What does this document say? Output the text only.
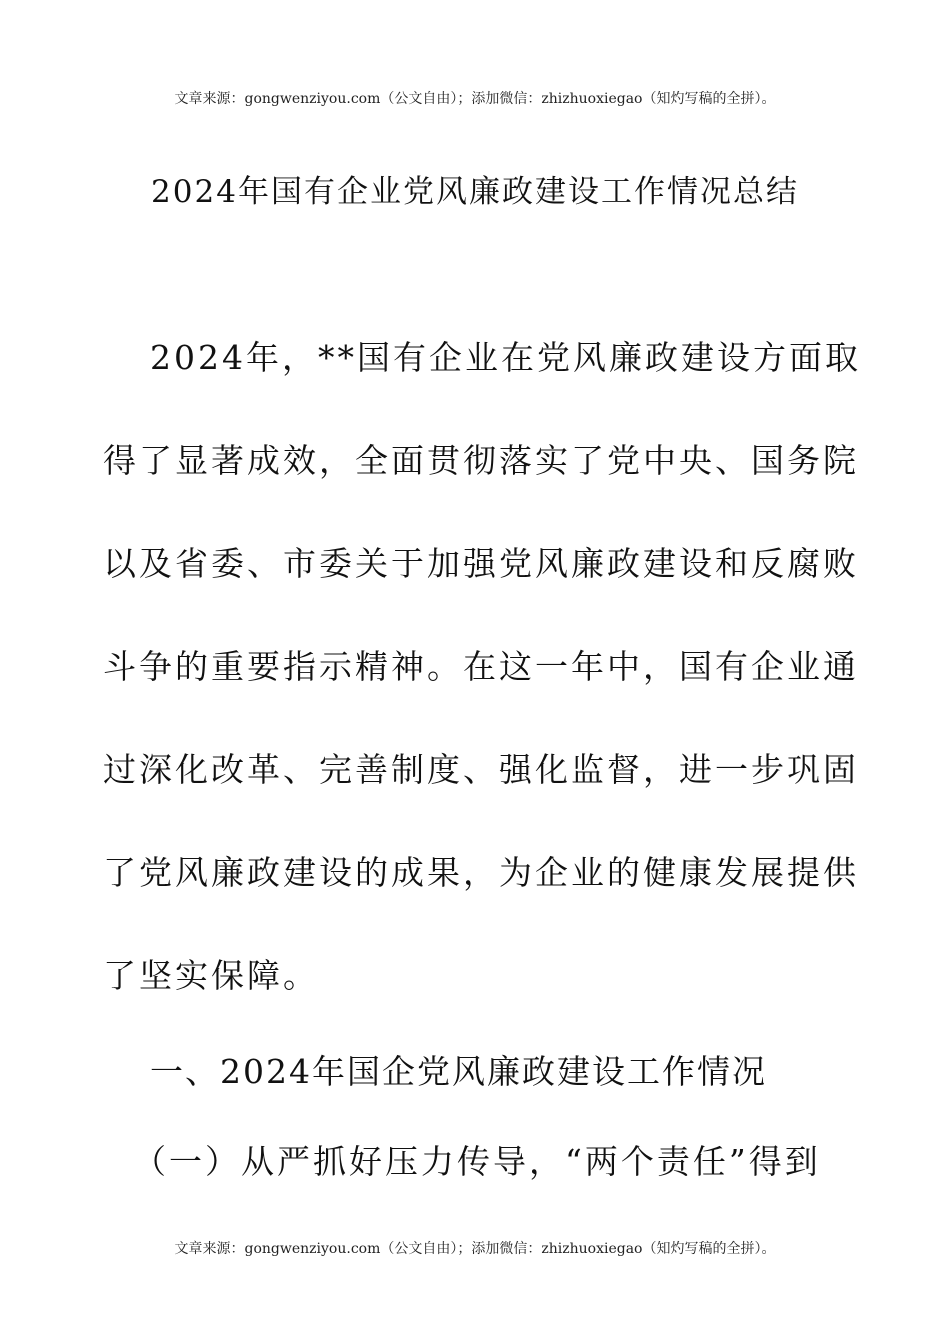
文章来源：gongwenziyou.com（公文自由）；添加微信：zhizhuoxiegao（知灼写稿的全拼）。
2024年国有企业党风廉政建设工作情况总结
2024年，**国有企业在党风廉政建设方面取
得了显著成效，全面贯彻落实了党中央、国务院
以及省委、市委关于加强党风廉政建设和反腐败
斗争的重要指示精神。在这一年中，国有企业通
过深化改革、完善制度、强化监督，进一步巩固
了党风廉政建设的成果，为企业的健康发展提供
了坚实保障。
一、2024年国企党风廉政建设工作情况
（一）从严抓好压力传导，“两个责任”得到
文章来源：gongwenziyou.com（公文自由）；添加微信：zhizhuoxiegao（知灼写稿的全拼）。
